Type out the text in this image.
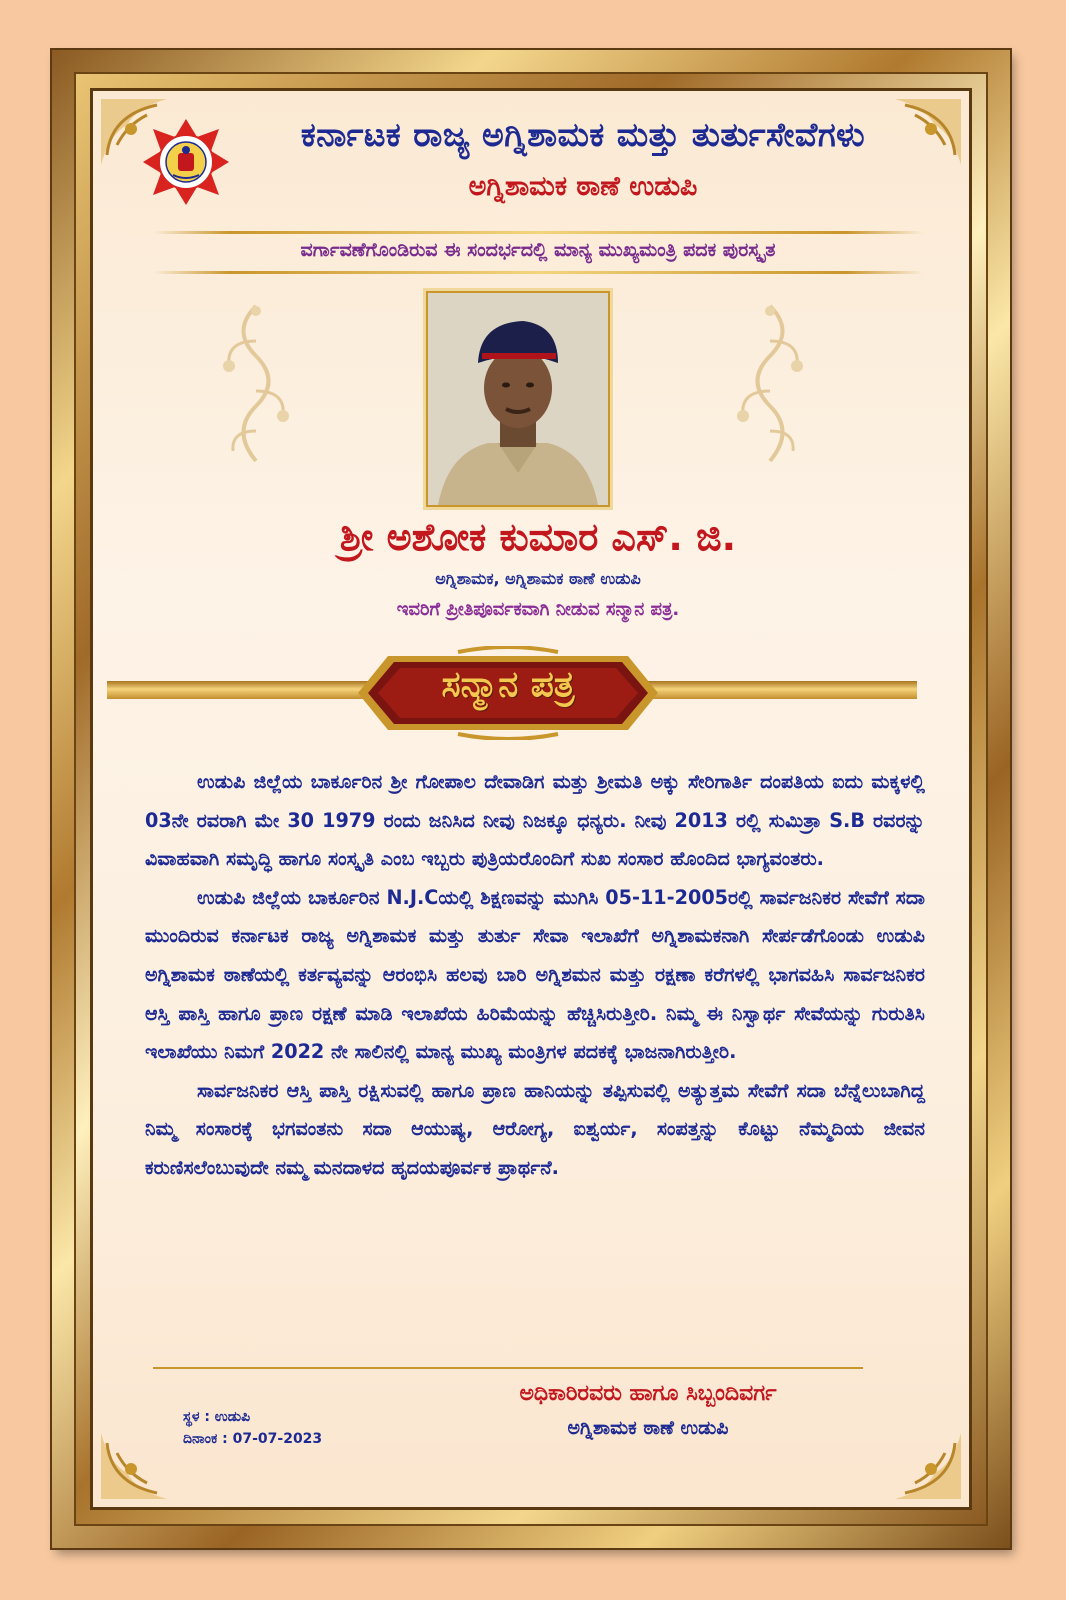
ಕರ್ನಾಟಕ ರಾಜ್ಯ ಅಗ್ನಿಶಾಮಕ ಮತ್ತು ತುರ್ತುಸೇವೆಗಳು
ಅಗ್ನಿಶಾಮಕ ಠಾಣೆ ಉಡುಪಿ
ವರ್ಗಾವಣೆಗೊಂಡಿರುವ ಈ ಸಂದರ್ಭದಲ್ಲಿ ಮಾನ್ಯ ಮುಖ್ಯಮಂತ್ರಿ ಪದಕ ಪುರಸ್ಕೃತ
ಶ್ರೀ ಅಶೋಕ ಕುಮಾರ ಎಸ್. ಜಿ.
ಅಗ್ನಿಶಾಮಕ, ಅಗ್ನಿಶಾಮಕ ಠಾಣೆ ಉಡುಪಿ
ಇವರಿಗೆ ಪ್ರೀತಿಪೂರ್ವಕವಾಗಿ ನೀಡುವ ಸನ್ಮಾನ ಪತ್ರ.
ಸನ್ಮಾನ ಪತ್ರ

ಉಡುಪಿ ಜಿಲ್ಲೆಯ ಬಾರ್ಕೂರಿನ ಶ್ರೀ ಗೋಪಾಲ ದೇವಾಡಿಗ ಮತ್ತು ಶ್ರೀಮತಿ ಅಕ್ಕು ಸೇರಿಗಾರ್ತಿ ದಂಪತಿಯ ಐದು ಮಕ್ಕಳಲ್ಲಿ 03ನೇ ರವರಾಗಿ ಮೇ 30 1979 ರಂದು ಜನಿಸಿದ ನೀವು ನಿಜಕ್ಕೂ ಧನ್ಯರು. ನೀವು 2013 ರಲ್ಲಿ ಸುಮಿತ್ರಾ S.B ರವರನ್ನು ವಿವಾಹವಾಗಿ ಸಮೃದ್ಧಿ ಹಾಗೂ ಸಂಸ್ಕೃತಿ ಎಂಬ ಇಬ್ಬರು ಪುತ್ರಿಯರೊಂದಿಗೆ ಸುಖ ಸಂಸಾರ ಹೊಂದಿದ ಭಾಗ್ಯವಂತರು.

ಉಡುಪಿ ಜಿಲ್ಲೆಯ ಬಾರ್ಕೂರಿನ N.J.Cಯಲ್ಲಿ ಶಿಕ್ಷಣವನ್ನು ಮುಗಿಸಿ 05-11-2005ರಲ್ಲಿ ಸಾರ್ವಜನಿಕರ ಸೇವೆಗೆ ಸದಾ ಮುಂದಿರುವ ಕರ್ನಾಟಕ ರಾಜ್ಯ ಅಗ್ನಿಶಾಮಕ ಮತ್ತು ತುರ್ತು ಸೇವಾ ಇಲಾಖೆಗೆ ಅಗ್ನಿಶಾಮಕನಾಗಿ ಸೇರ್ಪಡೆಗೊಂಡು ಉಡುಪಿ ಅಗ್ನಿಶಾಮಕ ಠಾಣೆಯಲ್ಲಿ ಕರ್ತವ್ಯವನ್ನು ಆರಂಭಿಸಿ ಹಲವು ಬಾರಿ ಅಗ್ನಿಶಮನ ಮತ್ತು ರಕ್ಷಣಾ ಕರೆಗಳಲ್ಲಿ ಭಾಗವಹಿಸಿ ಸಾರ್ವಜನಿಕರ ಆಸ್ತಿ ಪಾಸ್ತಿ ಹಾಗೂ ಪ್ರಾಣ ರಕ್ಷಣೆ ಮಾಡಿ ಇಲಾಖೆಯ ಹಿರಿಮೆಯನ್ನು ಹೆಚ್ಚಿಸಿರುತ್ತೀರಿ. ನಿಮ್ಮ ಈ ನಿಸ್ವಾರ್ಥ ಸೇವೆಯನ್ನು ಗುರುತಿಸಿ ಇಲಾಖೆಯು ನಿಮಗೆ 2022 ನೇ ಸಾಲಿನಲ್ಲಿ ಮಾನ್ಯ ಮುಖ್ಯ ಮಂತ್ರಿಗಳ ಪದಕಕ್ಕೆ ಭಾಜನಾಗಿರುತ್ತೀರಿ.

ಸಾರ್ವಜನಿಕರ ಆಸ್ತಿ ಪಾಸ್ತಿ ರಕ್ಷಿಸುವಲ್ಲಿ ಹಾಗೂ ಪ್ರಾಣ ಹಾನಿಯನ್ನು ತಪ್ಪಿಸುವಲ್ಲಿ ಅತ್ಯುತ್ತಮ ಸೇವೆಗೆ ಸದಾ ಬೆನ್ನೆಲುಬಾಗಿದ್ದ ನಿಮ್ಮ ಸಂಸಾರಕ್ಕೆ ಭಗವಂತನು ಸದಾ ಆಯುಷ್ಯ, ಆರೋಗ್ಯ, ಐಶ್ವರ್ಯ, ಸಂಪತ್ತನ್ನು ಕೊಟ್ಟು ನೆಮ್ಮದಿಯ ಜೀವನ ಕರುಣಿಸಲೆಂಬುವುದೇ ನಮ್ಮ ಮನದಾಳದ ಹೃದಯಪೂರ್ವಕ ಪ್ರಾರ್ಥನೆ.

ಸ್ಥಳ : ಉಡುಪಿ
ದಿನಾಂಕ : 07-07-2023
ಅಧಿಕಾರಿರವರು ಹಾಗೂ ಸಿಬ್ಬಂದಿವರ್ಗ
ಅಗ್ನಿಶಾಮಕ ಠಾಣೆ ಉಡುಪಿ
